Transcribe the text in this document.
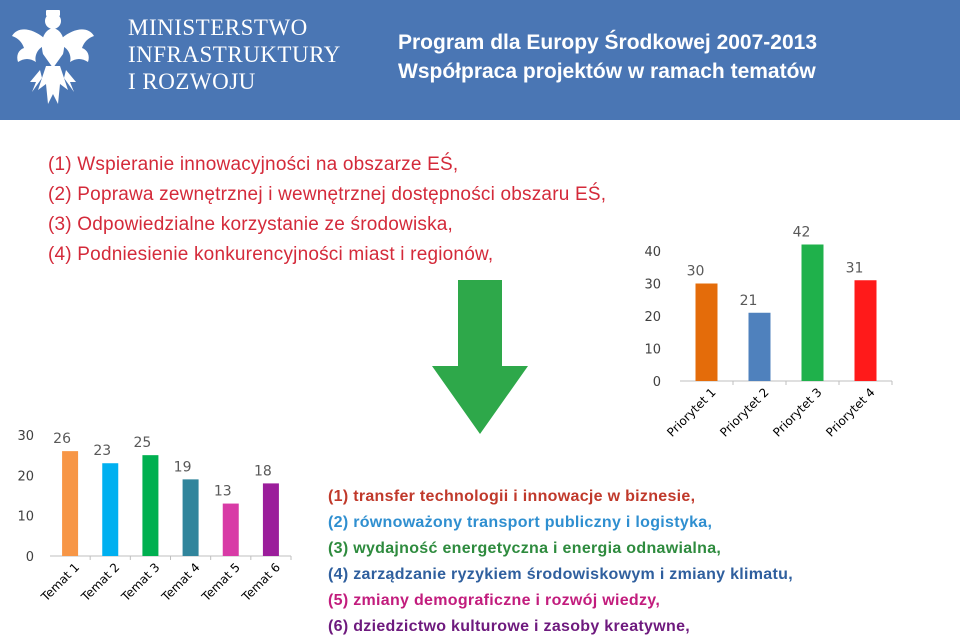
MINISTERSTWO
INFRASTRUKTURY
I ROZWOJU
Program dla Europy Środkowej 2007-2013
Współpraca projektów w ramach tematów
(1) Wspieranie innowacyjności na obszarze EŚ,
(2) Poprawa zewnętrznej i wewnętrznej dostępności obszaru EŚ,
(3) Odpowiedzialne korzystanie ze środowiska,
(4) Podniesienie konkurencyjności miast i regionów,
(1) transfer technologii i innowacje w biznesie,
(2) równoważony transport publiczny i logistyka,
(3) wydajność energetyczna i energia odnawialna,
(4) zarządzanie ryzykiem środowiskowym i zmiany klimatu,
(5) zmiany demograficzne i rozwój wiedzy,
(6) dziedzictwo kulturowe i zasoby kreatywne,
0
10
20
30
40
30
Priorytet 1
21
Priorytet 2
42
Priorytet 3
31
Priorytet 4
0
10
20
30 26
Temat 1
23
Temat 2
25
Temat 3
19
Temat 4
13
Temat 5
18
Temat 6
